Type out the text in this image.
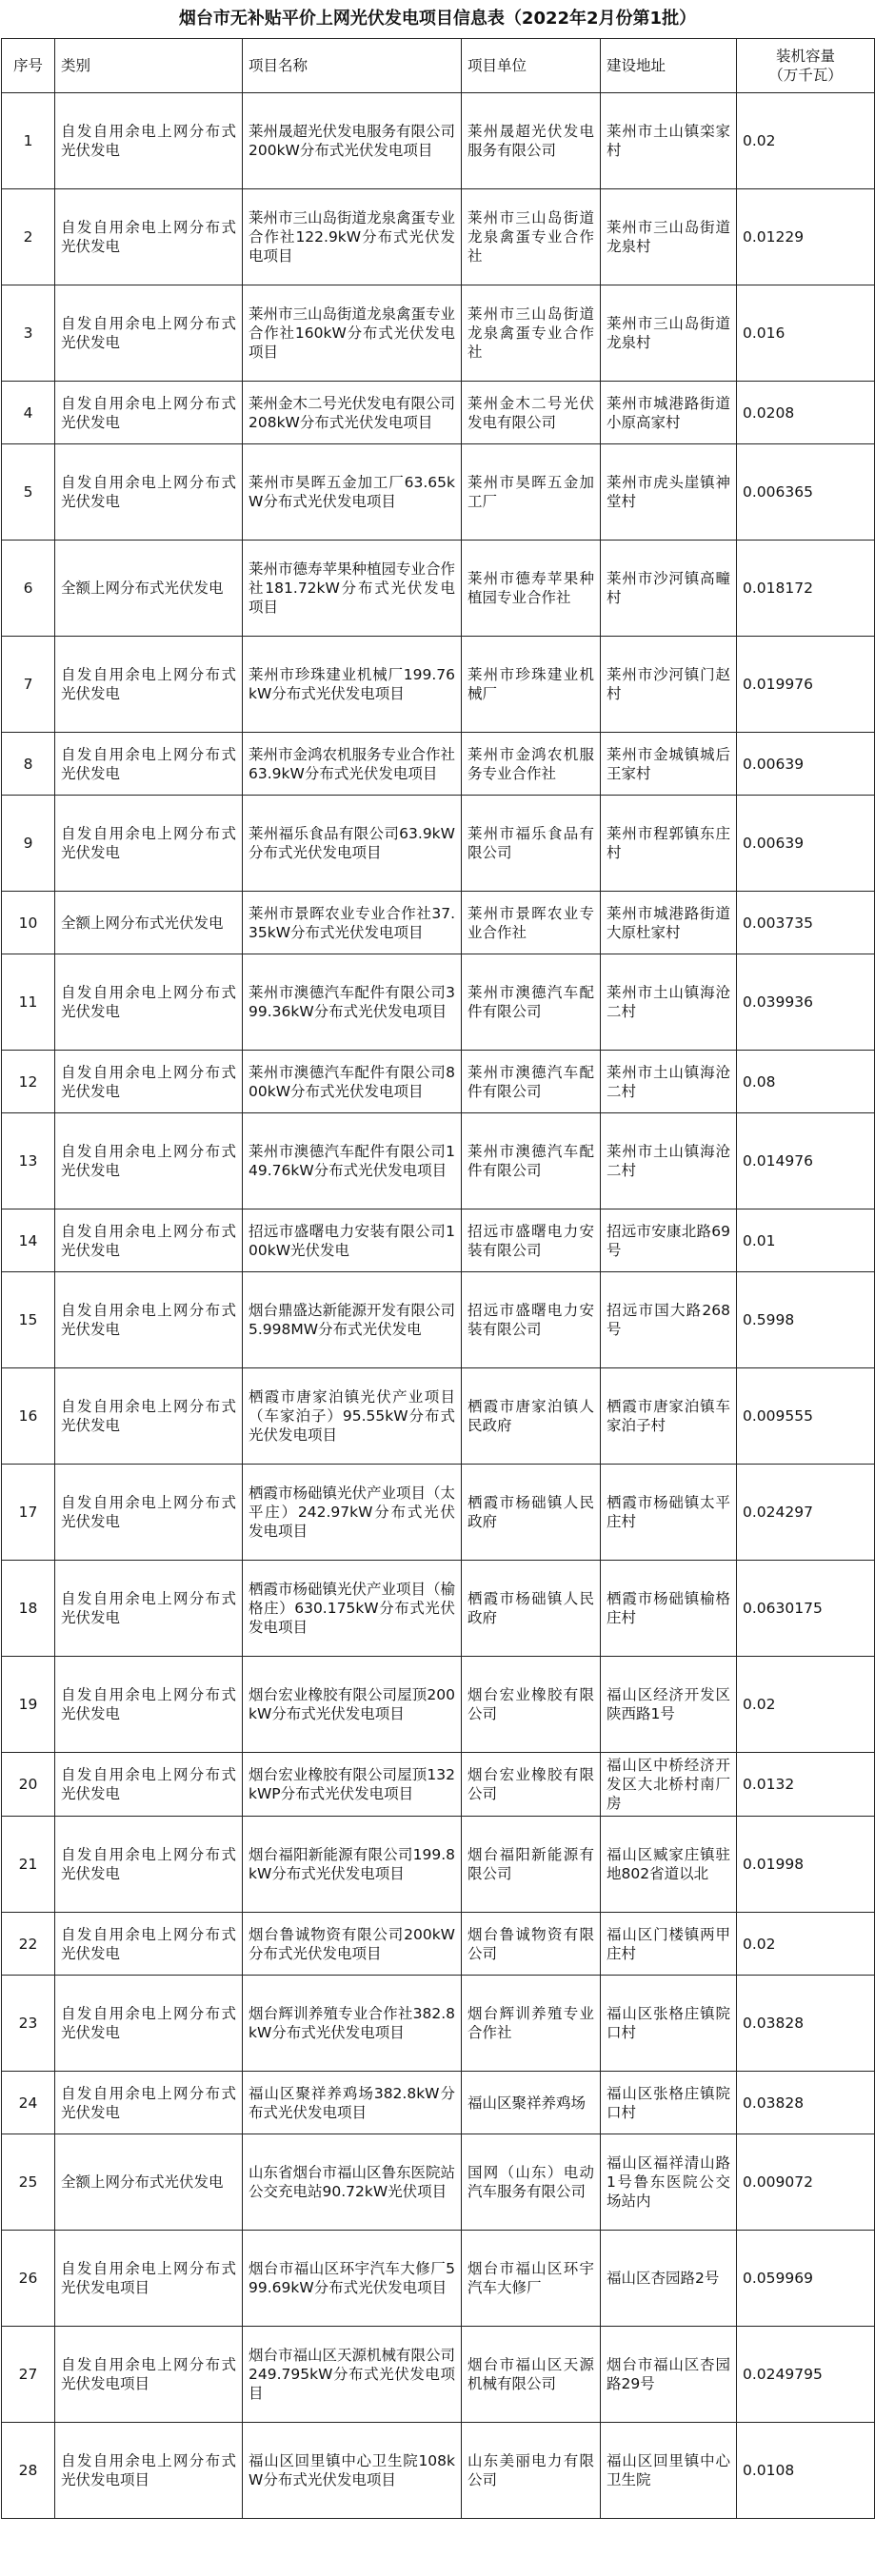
烟台市无补贴平价上网光伏发电项目信息表（2022年2月份第1批）
序号	类别	项目名称	项目单位	建设地址	装机容量
（万千瓦）
1	自发自用余电上网分布式光伏发电	莱州晟超光伏发电服务有限公司200kW分布式光伏发电项目	莱州晟超光伏发电服务有限公司	莱州市土山镇栾家村	0.02
2	自发自用余电上网分布式光伏发电	莱州市三山岛街道龙泉禽蛋专业合作社122.9kW分布式光伏发电项目	莱州市三山岛街道龙泉禽蛋专业合作社	莱州市三山岛街道龙泉村	0.01229
3	自发自用余电上网分布式光伏发电	莱州市三山岛街道龙泉禽蛋专业合作社160kW分布式光伏发电项目	莱州市三山岛街道龙泉禽蛋专业合作社	莱州市三山岛街道龙泉村	0.016
4	自发自用余电上网分布式光伏发电	莱州金木二号光伏发电有限公司208kW分布式光伏发电项目	莱州金木二号光伏发电有限公司	莱州市城港路街道小原高家村	0.0208
5	自发自用余电上网分布式光伏发电	莱州市昊晖五金加工厂63.65kW分布式光伏发电项目	莱州市昊晖五金加工厂	莱州市虎头崖镇神堂村	0.006365
6	全额上网分布式光伏发电	莱州市德寿苹果种植园专业合作社181.72kW分布式光伏发电项目	莱州市德寿苹果种植园专业合作社	莱州市沙河镇高疃村	0.018172
7	自发自用余电上网分布式光伏发电	莱州市珍珠建业机械厂199.76kW分布式光伏发电项目	莱州市珍珠建业机械厂	莱州市沙河镇门赵村	0.019976
8	自发自用余电上网分布式光伏发电	莱州市金鸿农机服务专业合作社63.9kW分布式光伏发电项目	莱州市金鸿农机服务专业合作社	莱州市金城镇城后王家村	0.00639
9	自发自用余电上网分布式光伏发电	莱州福乐食品有限公司63.9kW分布式光伏发电项目	莱州市福乐食品有限公司	莱州市程郭镇东庄村	0.00639
10	全额上网分布式光伏发电	莱州市景晖农业专业合作社37.35kW分布式光伏发电项目	莱州市景晖农业专业合作社	莱州市城港路街道大原杜家村	0.003735
11	自发自用余电上网分布式光伏发电	莱州市澳德汽车配件有限公司399.36kW分布式光伏发电项目	莱州市澳德汽车配件有限公司	莱州市土山镇海沧二村	0.039936
12	自发自用余电上网分布式光伏发电	莱州市澳德汽车配件有限公司800kW分布式光伏发电项目	莱州市澳德汽车配件有限公司	莱州市土山镇海沧二村	0.08
13	自发自用余电上网分布式光伏发电	莱州市澳德汽车配件有限公司149.76kW分布式光伏发电项目	莱州市澳德汽车配件有限公司	莱州市土山镇海沧二村	0.014976
14	自发自用余电上网分布式光伏发电	招远市盛曙电力安装有限公司100kW光伏发电	招远市盛曙电力安装有限公司	招远市安康北路69号	0.01
15	自发自用余电上网分布式光伏发电	烟台鼎盛达新能源开发有限公司5.998MW分布式光伏发电	招远市盛曙电力安装有限公司	招远市国大路268号	0.5998
16	自发自用余电上网分布式光伏发电	栖霞市唐家泊镇光伏产业项目（车家泊子）95.55kW分布式光伏发电项目	栖霞市唐家泊镇人民政府	栖霞市唐家泊镇车家泊子村	0.009555
17	自发自用余电上网分布式光伏发电	栖霞市杨础镇光伏产业项目（太平庄）242.97kW分布式光伏发电项目	栖霞市杨础镇人民政府	栖霞市杨础镇太平庄村	0.024297
18	自发自用余电上网分布式光伏发电	栖霞市杨础镇光伏产业项目（榆格庄）630.175kW分布式光伏发电项目	栖霞市杨础镇人民政府	栖霞市杨础镇榆格庄村	0.0630175
19	自发自用余电上网分布式光伏发电	烟台宏业橡胶有限公司屋顶200kW分布式光伏发电项目	烟台宏业橡胶有限公司	福山区经济开发区陕西路1号	0.02
20	自发自用余电上网分布式光伏发电	烟台宏业橡胶有限公司屋顶132kWP分布式光伏发电项目	烟台宏业橡胶有限公司	福山区中桥经济开发区大北桥村南厂房	0.0132
21	自发自用余电上网分布式光伏发电	烟台福阳新能源有限公司199.8kW分布式光伏发电项目	烟台福阳新能源有限公司	福山区臧家庄镇驻地802省道以北	0.01998
22	自发自用余电上网分布式光伏发电	烟台鲁诚物资有限公司200kW分布式光伏发电项目	烟台鲁诚物资有限公司	福山区门楼镇两甲庄村	0.02
23	自发自用余电上网分布式光伏发电	烟台辉训养殖专业合作社382.8kW分布式光伏发电项目	烟台辉训养殖专业合作社	福山区张格庄镇院口村	0.03828
24	自发自用余电上网分布式光伏发电	福山区聚祥养鸡场382.8kW分布式光伏发电项目	福山区聚祥养鸡场	福山区张格庄镇院口村	0.03828
25	全额上网分布式光伏发电	山东省烟台市福山区鲁东医院站公交充电站90.72kW光伏项目	国网（山东）电动汽车服务有限公司	福山区福祥清山路1号鲁东医院公交场站内	0.009072
26	自发自用余电上网分布式光伏发电项目	烟台市福山区环宇汽车大修厂599.69kW分布式光伏发电项目	烟台市福山区环宇汽车大修厂	福山区杏园路2号	0.059969
27	自发自用余电上网分布式光伏发电项目	烟台市福山区天源机械有限公司249.795kW分布式光伏发电项目	烟台市福山区天源机械有限公司	烟台市福山区杏园路29号	0.0249795
28	自发自用余电上网分布式光伏发电项目	福山区回里镇中心卫生院108kW分布式光伏发电项目	山东美丽电力有限公司	福山区回里镇中心卫生院	0.0108
